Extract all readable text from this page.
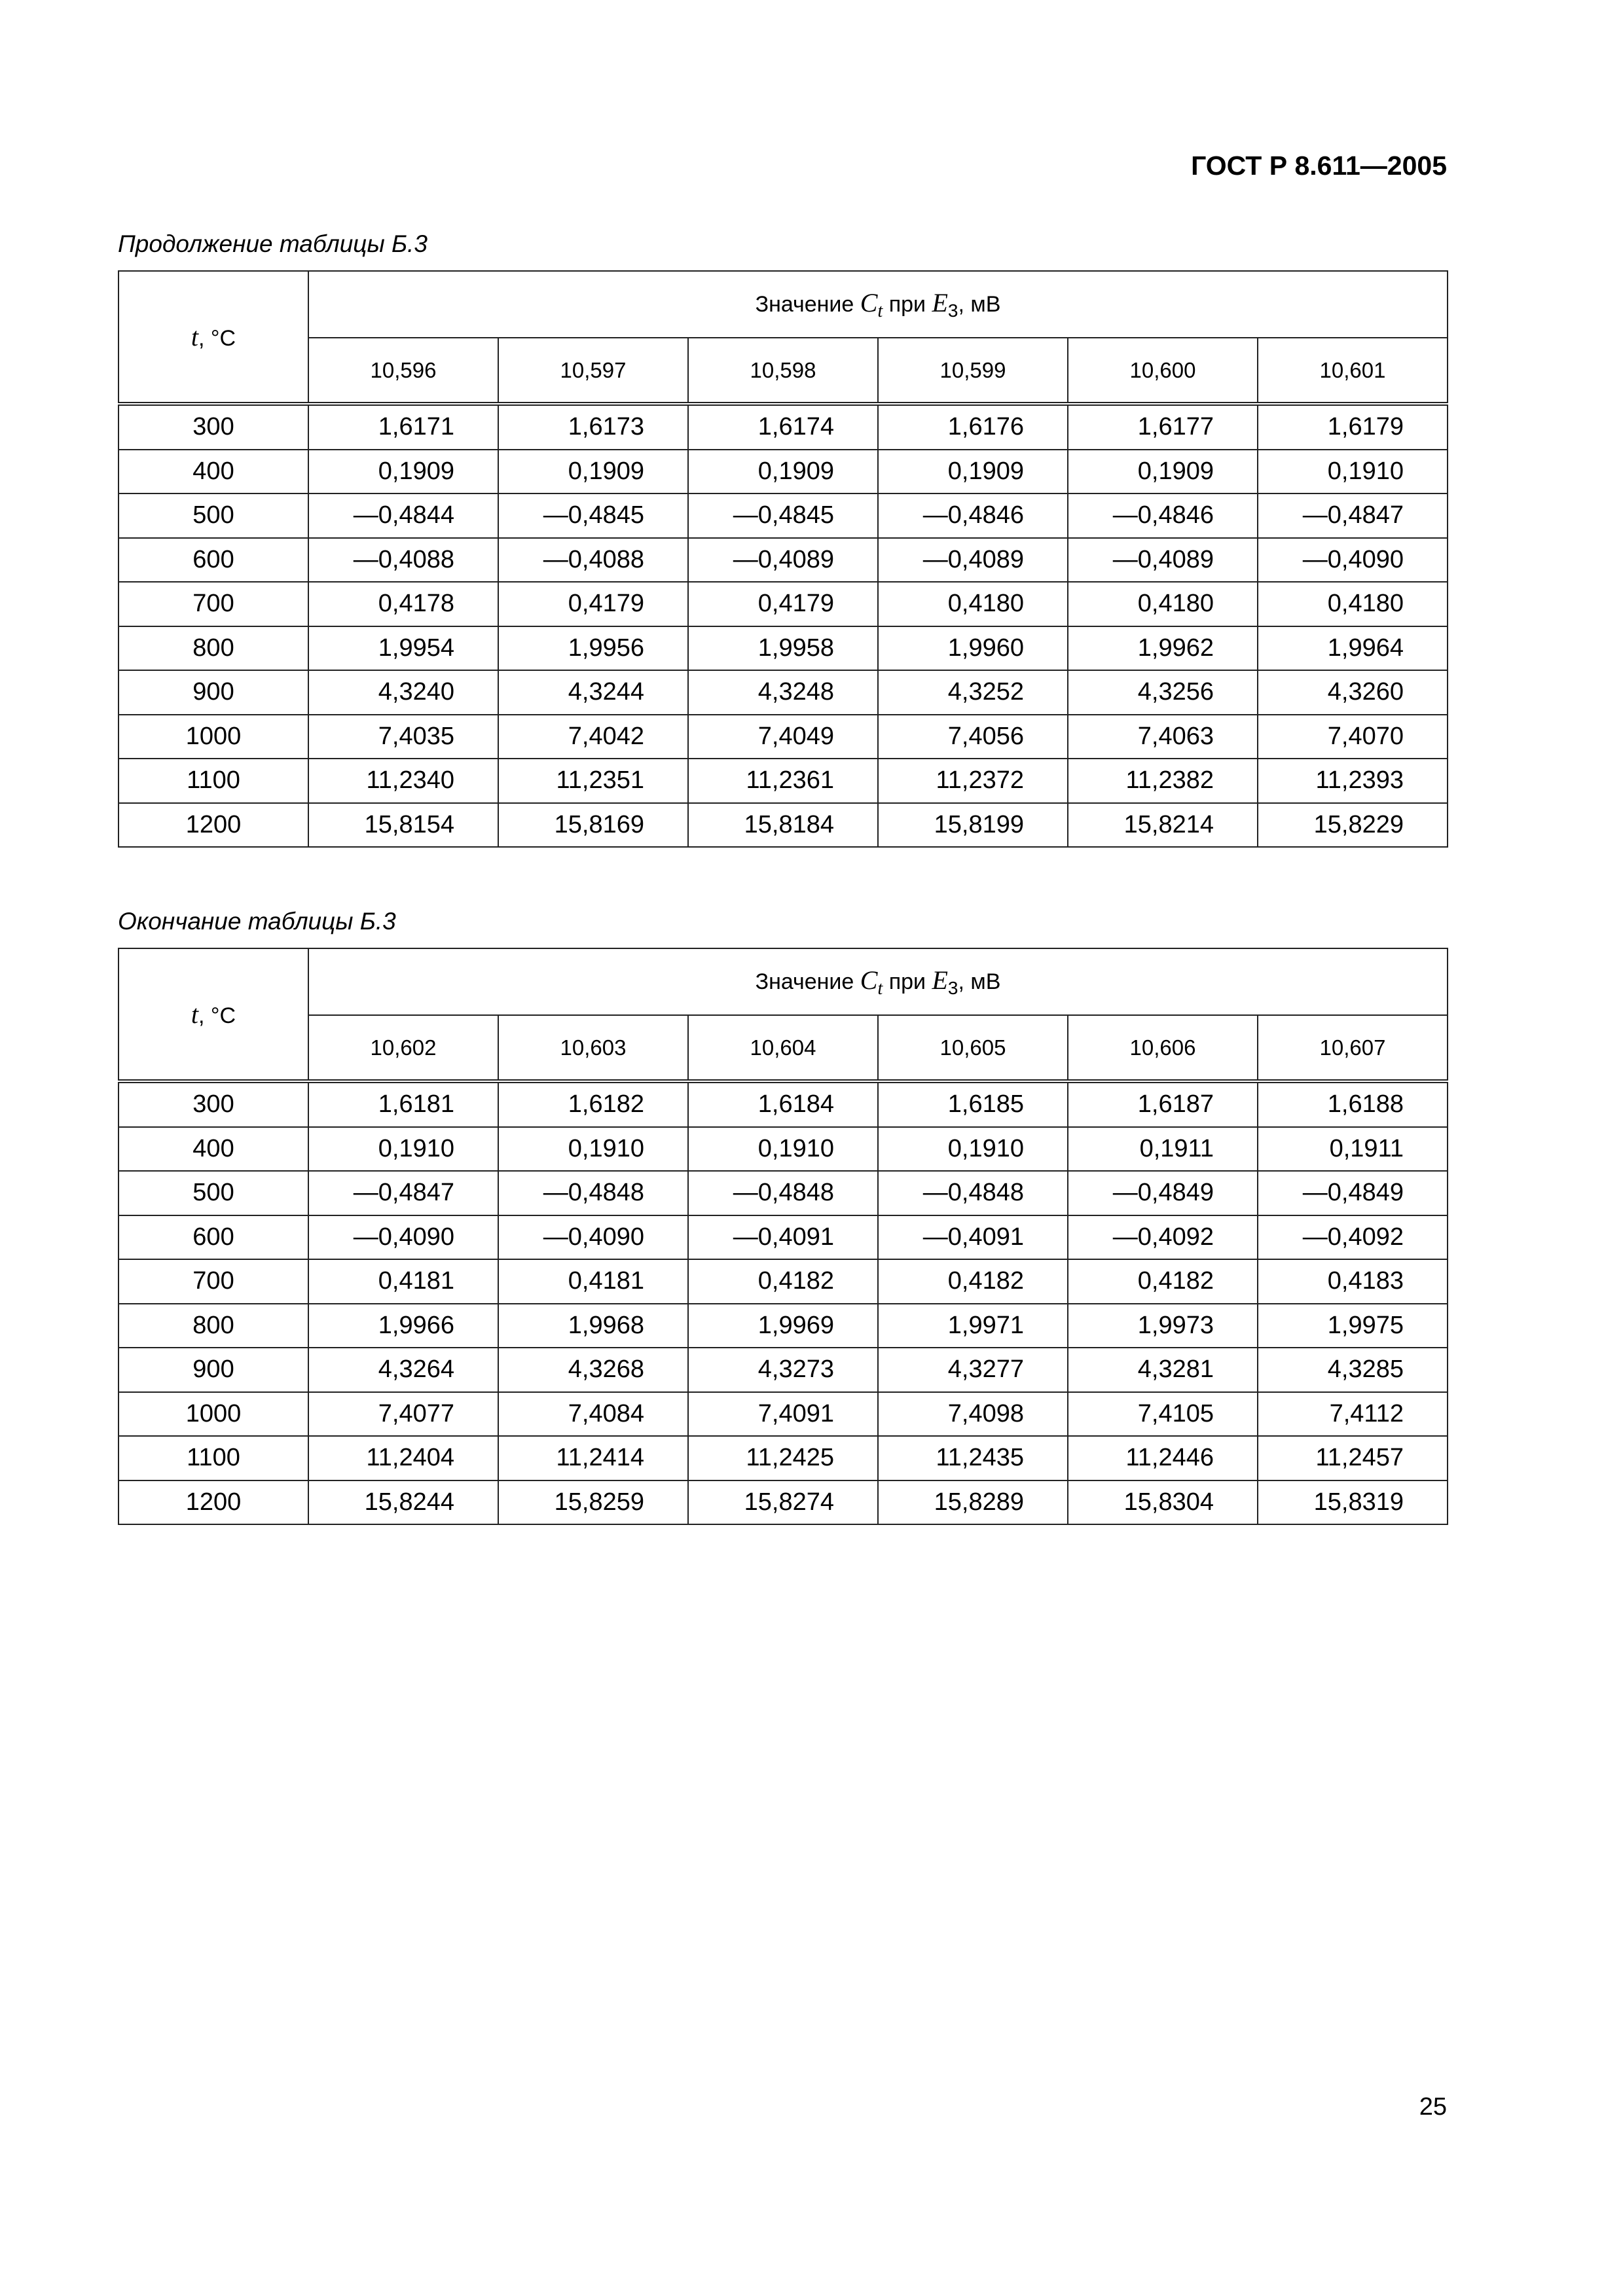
ГОСТ Р 8.611—2005
Продолжение таблицы Б.3
t, °C	Значение $C_t$ при $E_3$, мВ					
	10,596	10,597	10,598	10,599	10,600	10,601
300	1,6171	1,6173	1,6174	1,6176	1,6177	1,6179
400	0,1909	0,1909	0,1909	0,1909	0,1909	0,1910
500	—0,4844	—0,4845	—0,4845	—0,4846	—0,4846	—0,4847
600	—0,4088	—0,4088	—0,4089	—0,4089	—0,4089	—0,4090
700	0,4178	0,4179	0,4179	0,4180	0,4180	0,4180
800	1,9954	1,9956	1,9958	1,9960	1,9962	1,9964
900	4,3240	4,3244	4,3248	4,3252	4,3256	4,3260
1000	7,4035	7,4042	7,4049	7,4056	7,4063	7,4070
1100	11,2340	11,2351	11,2361	11,2372	11,2382	11,2393
1200	15,8154	15,8169	15,8184	15,8199	15,8214	15,8229
Окончание таблицы Б.3
t, °C	Значение $C_t$ при $E_3$, мВ					
	10,602	10,603	10,604	10,605	10,606	10,607
300	1,6181	1,6182	1,6184	1,6185	1,6187	1,6188
400	0,1910	0,1910	0,1910	0,1910	0,1911	0,1911
500	—0,4847	—0,4848	—0,4848	—0,4848	—0,4849	—0,4849
600	—0,4090	—0,4090	—0,4091	—0,4091	—0,4092	—0,4092
700	0,4181	0,4181	0,4182	0,4182	0,4182	0,4183
800	1,9966	1,9968	1,9969	1,9971	1,9973	1,9975
900	4,3264	4,3268	4,3273	4,3277	4,3281	4,3285
1000	7,4077	7,4084	7,4091	7,4098	7,4105	7,4112
1100	11,2404	11,2414	11,2425	11,2435	11,2446	11,2457
1200	15,8244	15,8259	15,8274	15,8289	15,8304	15,8319
25
